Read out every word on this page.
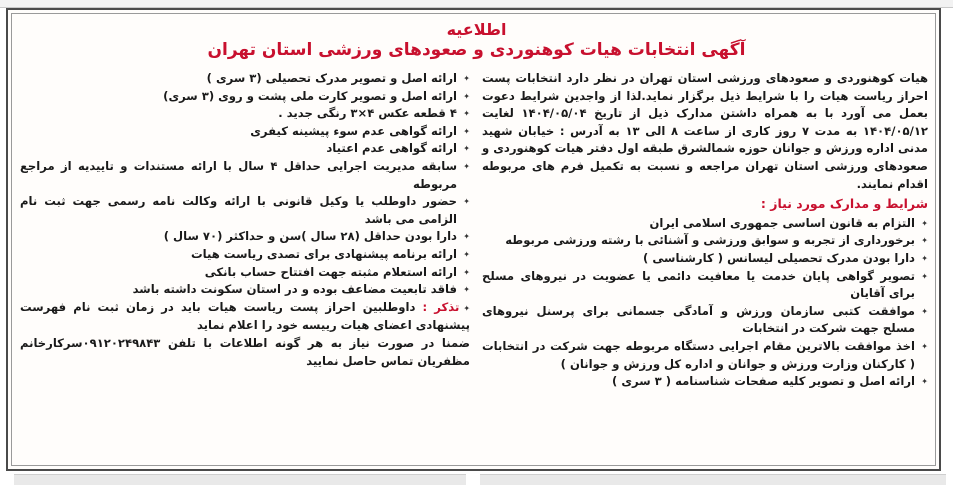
اطلاعیه
آگهی انتخابات هیات کوهنوردی و صعودهای ورزشی استان تهران

هیات کوهنوردی و صعودهای ورزشی استان تهران در نظر دارد انتخابات پست احراز ریاست هیات را با شرایط ذیل برگزار نماید.لذا از واجدین شرایط دعوت بعمل می آورد با به همراه داشتن مدارک ذیل از تاریخ ۱۴۰۴/۰۵/۰۴ لغایت ۱۴۰۴/۰۵/۱۲ به مدت ۷ روز کاری از ساعت ۸ الی ۱۳ به آدرس : خیابان شهید مدنی اداره ورزش و جوانان حوزه شمالشرق طبقه اول دفتر هیات کوهنوردی و صعودهای ورزشی استان تهران مراجعه و نسبت به تکمیل فرم های مربوطه اقدام نمایند.

شرایط و مدارک مورد نیاز :
✦ التزام به قانون اساسی جمهوری اسلامی ایران
✦ برخورداری از تجربه و سوابق ورزشی و آشنائی با رشته ورزشی مربوطه
✦ دارا بودن مدرک تحصیلی لیسانس ( کارشناسی )
✦ تصویر گواهی پایان خدمت یا معافیت دائمی یا عضویت در نیروهای مسلح برای آقایان
✦ موافقت کتبی سازمان ورزش و آمادگی جسمانی برای پرسنل نیروهای مسلح جهت شرکت در انتخابات
✦ اخذ موافقت بالاترین مقام اجرایی دستگاه مربوطه جهت شرکت در انتخابات ( کارکنان وزارت ورزش و جوانان و اداره کل ورزش و جوانان )
✦ ارائه اصل و تصویر کلیه صفحات شناسنامه ( ۳ سری )
✦ ارائه اصل و تصویر مدرک تحصیلی (۳ سری )
✦ ارائه اصل و تصویر کارت ملی پشت و روی (۳ سری)
✦ ۴ قطعه عکس ۴×۳ رنگی جدید .
✦ ارائه گواهی عدم سوء پیشینه کیفری
✦ ارائه گواهی عدم اعتیاد
✦ سابقه مدیریت اجرایی حداقل ۴ سال با ارائه مستندات و تاییدیه از مراجع مربوطه
✦ حضور داوطلب یا وکیل قانونی با ارائه وکالت نامه رسمی جهت ثبت نام الزامی می باشد
✦ دارا بودن حداقل (۲۸ سال )سن و حداکثر (۷۰ سال )
✦ ارائه برنامه پیشنهادی برای تصدی ریاست هیات
✦ ارائه استعلام مثبته جهت افتتاح حساب بانکی
✦ فاقد تابعیت مضاعف بوده و در استان سکونت داشته باشد

✦ تذکر : داوطلبین احراز پست ریاست هیات باید در زمان ثبت نام فهرست پیشنهادی اعضای هیات رییسه خود را اعلام نماید

ضمنا در صورت نیاز به هر گونه اطلاعات با تلفن ۰۹۱۲۰۲۴۹۸۴۳سرکارخانم مظفریان تماس حاصل نمایید
